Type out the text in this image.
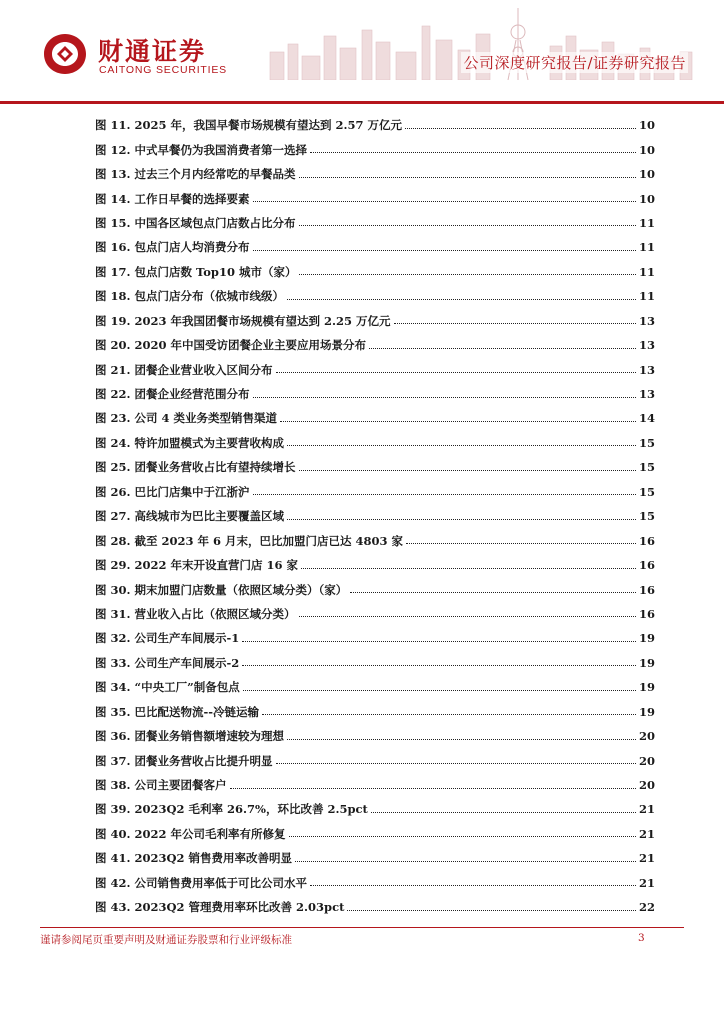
财通证券
CAITONG SECURITIES	公司深度研究报告/证券研究报告
图 11. 2025 年，我国早餐市场规模有望达到 2.57 万亿元	10
图 12. 中式早餐仍为我国消费者第一选择	10
图 13. 过去三个月内经常吃的早餐品类	10
图 14. 工作日早餐的选择要素	10
图 15. 中国各区域包点门店数占比分布	11
图 16. 包点门店人均消费分布	11
图 17. 包点门店数 Top10 城市（家）	11
图 18. 包点门店分布（依城市线级）	11
图 19. 2023 年我国团餐市场规模有望达到 2.25 万亿元	13
图 20. 2020 年中国受访团餐企业主要应用场景分布	13
图 21. 团餐企业营业收入区间分布	13
图 22. 团餐企业经营范围分布	13
图 23. 公司 4 类业务类型销售渠道	14
图 24. 特许加盟模式为主要营收构成	15
图 25. 团餐业务营收占比有望持续增长	15
图 26. 巴比门店集中于江浙沪	15
图 27. 高线城市为巴比主要覆盖区域	15
图 28. 截至 2023 年 6 月末，巴比加盟门店已达 4803 家	16
图 29. 2022 年末开设直营门店 16 家	16
图 30. 期末加盟门店数量（依照区域分类）（家）	16
图 31. 营业收入占比（依照区域分类）	16
图 32. 公司生产车间展示-1	19
图 33. 公司生产车间展示-2	19
图 34. “中央工厂”制备包点	19
图 35. 巴比配送物流--冷链运输	19
图 36. 团餐业务销售额增速较为理想	20
图 37. 团餐业务营收占比提升明显	20
图 38. 公司主要团餐客户	20
图 39. 2023Q2 毛利率 26.7%，环比改善 2.5pct	21
图 40. 2022 年公司毛利率有所修复	21
图 41. 2023Q2 销售费用率改善明显	21
图 42. 公司销售费用率低于可比公司水平	21
图 43. 2023Q2 管理费用率环比改善 2.03pct	22
谨请参阅尾页重要声明及财通证券股票和行业评级标准	3
